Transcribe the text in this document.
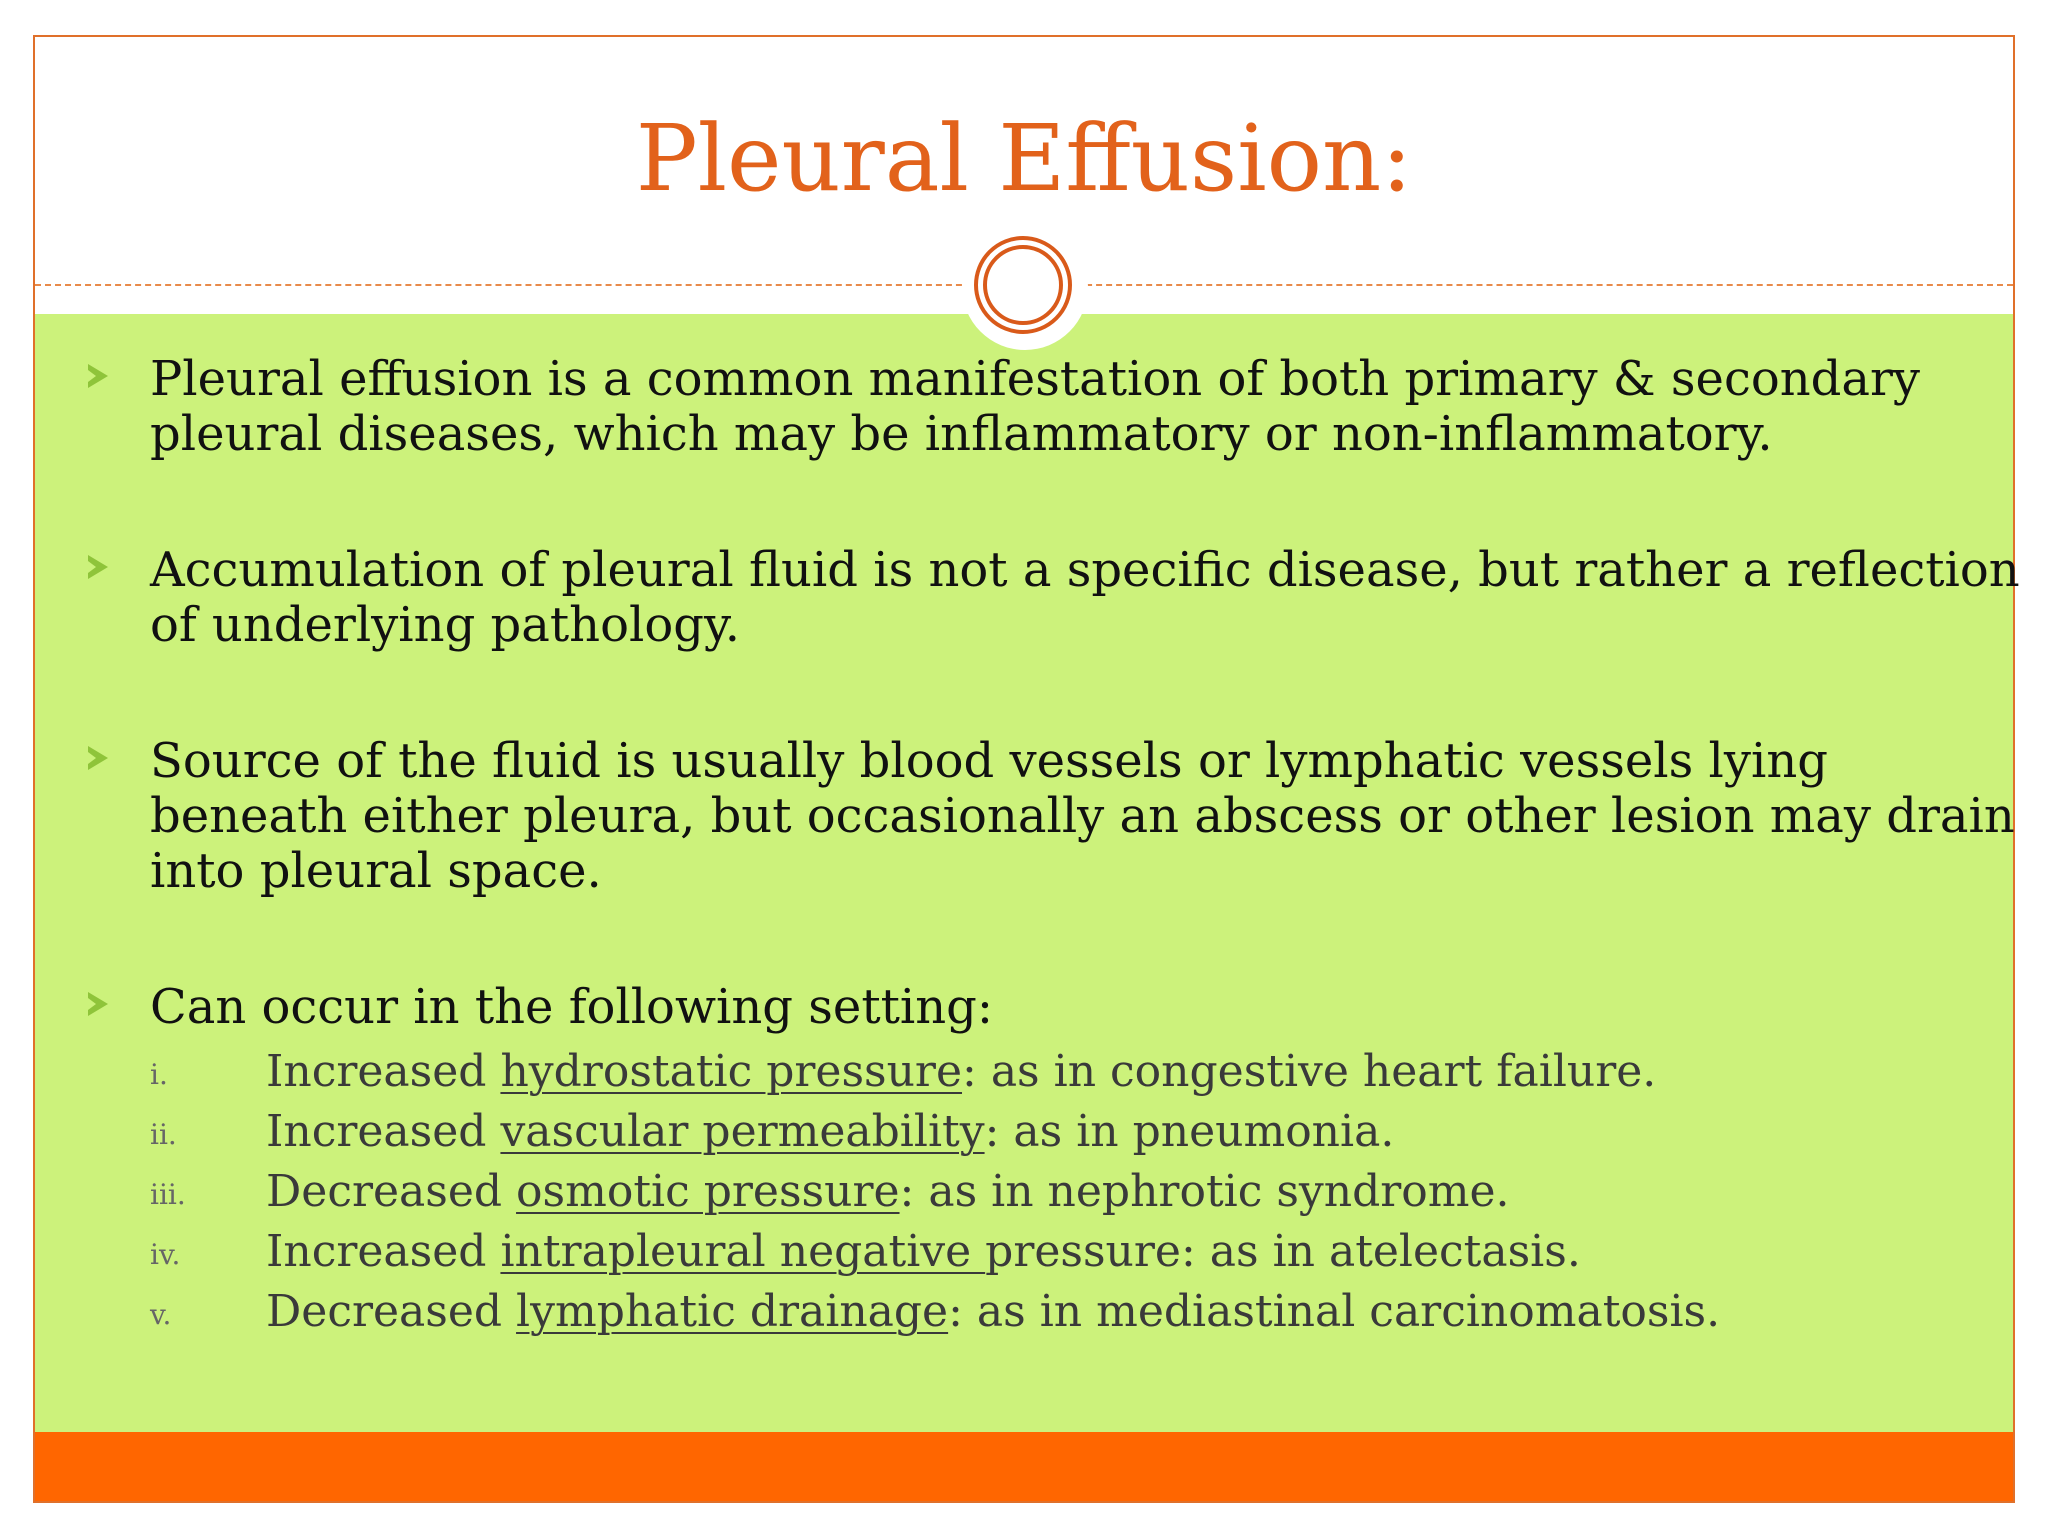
Pleural Effusion:

Pleural effusion is a common manifestation of both primary & secondary pleural diseases, which may be inflammatory or non-inflammatory.

Accumulation of pleural fluid is not a specific disease, but rather a reflection of underlying pathology.

Source of the fluid is usually blood vessels or lymphatic vessels lying beneath either pleura, but occasionally an abscess or other lesion may drain into pleural space.

Can occur in the following setting:

i. Increased hydrostatic pressure: as in congestive heart failure.
ii. Increased vascular permeability: as in pneumonia.
iii. Decreased osmotic pressure: as in nephrotic syndrome.
iv. Increased intrapleural negative pressure: as in atelectasis.
v. Decreased lymphatic drainage: as in mediastinal carcinomatosis.
